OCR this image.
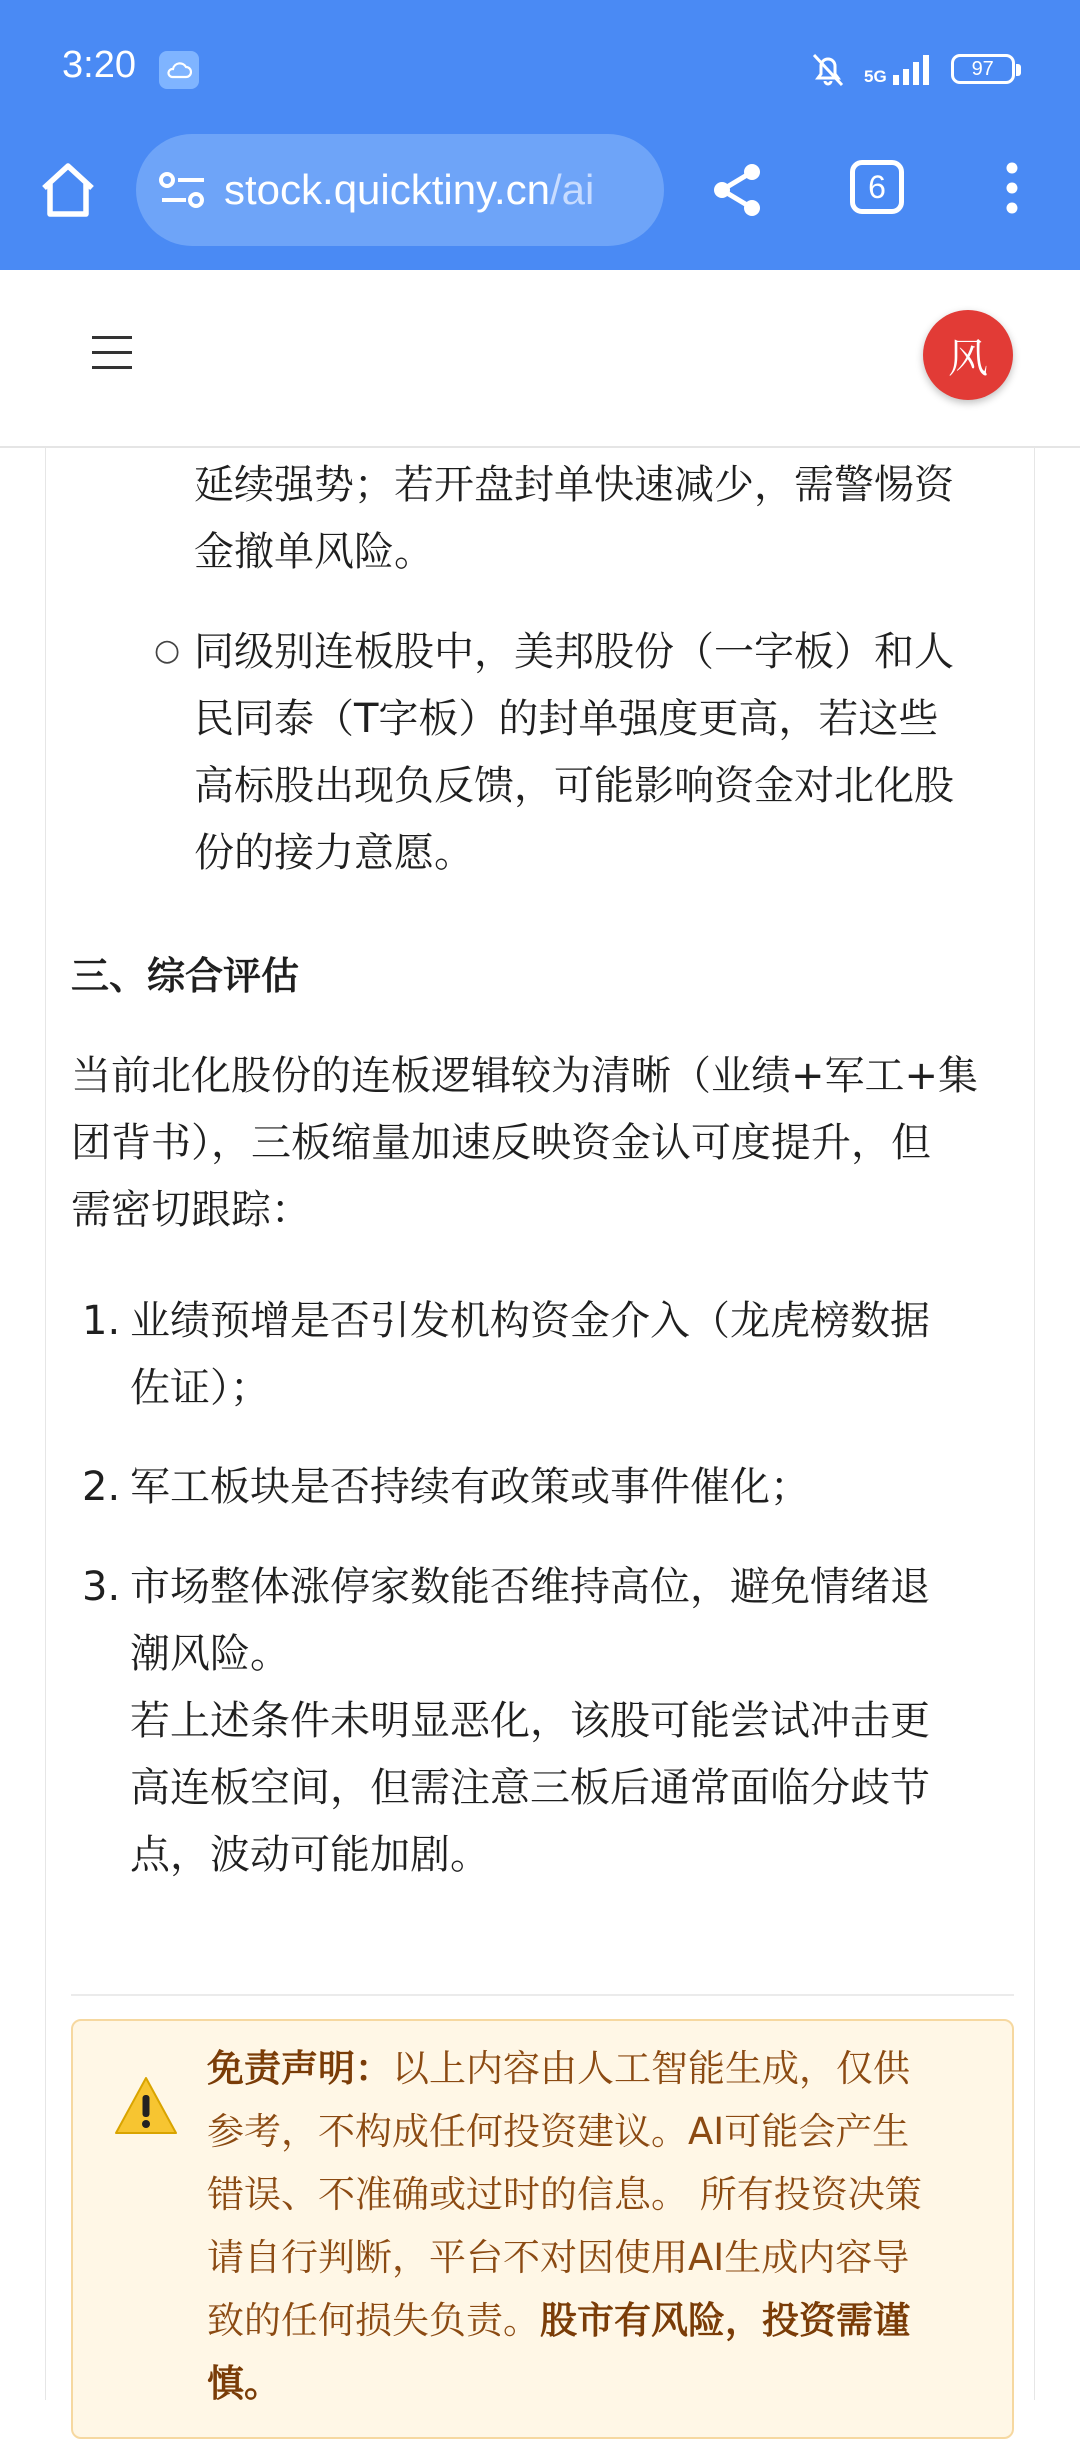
3:20	5G	97
stock.quicktiny.cn/ai	6
风
延续强势；若开盘封单快速减少，需警惕资
金撤单风险。
○ 同级别连板股中，美邦股份（一字板）和人
民同泰（T字板）的封单强度更高，若这些
高标股出现负反馈，可能影响资金对北化股
份的接力意愿。
三、综合评估
当前北化股份的连板逻辑较为清晰（业绩+军工+集
团背书），三板缩量加速反映资金认可度提升，但
需密切跟踪：
1. 业绩预增是否引发机构资金介入（龙虎榜数据
佐证）；
2. 军工板块是否持续有政策或事件催化；
3. 市场整体涨停家数能否维持高位，避免情绪退
潮风险。
若上述条件未明显恶化，该股可能尝试冲击更
高连板空间，但需注意三板后通常面临分歧节
点，波动可能加剧。
免责声明：以上内容由人工智能生成，仅供
参考，不构成任何投资建议。AI可能会产生
错误、不准确或过时的信息。 所有投资决策
请自行判断，平台不对因使用AI生成内容导
致的任何损失负责。股市有风险，投资需谨
慎。
